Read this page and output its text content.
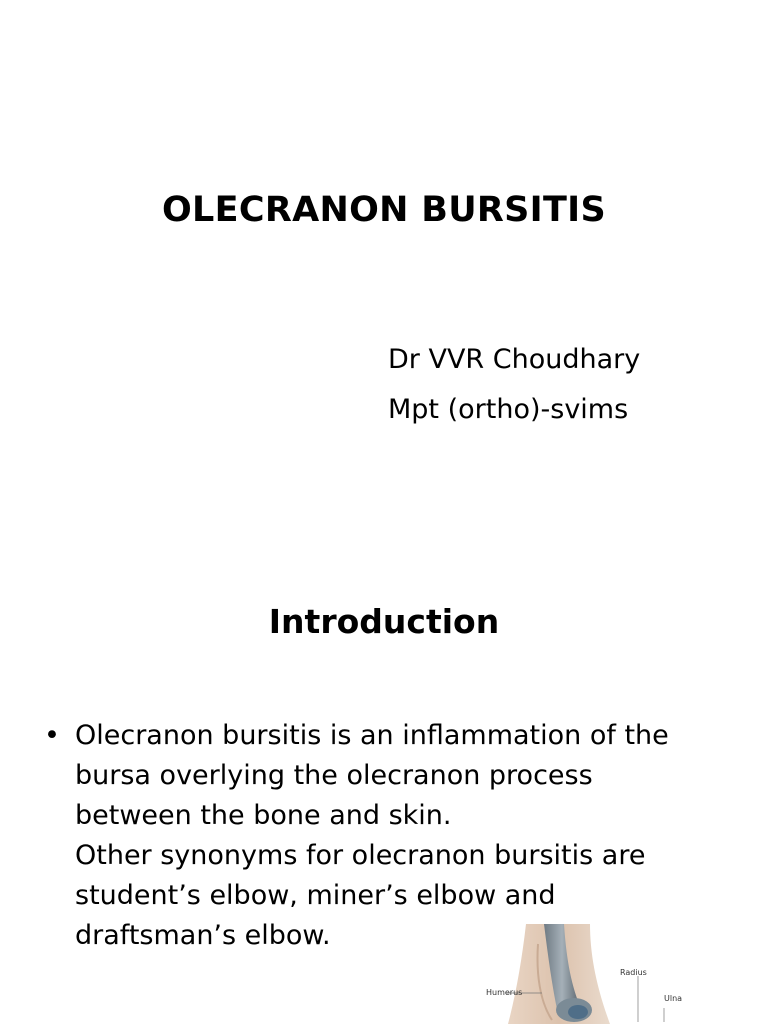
OLECRANON BURSITIS
Dr VVR Choudhary
Mpt (ortho)-svims
Introduction
• Olecranon bursitis is an inflammation of the
bursa overlying the olecranon process
between the bone and skin.
Other synonyms for olecranon bursitis are
student’s elbow, miner’s elbow and
draftsman’s elbow.
Radius
Humerus
Ulna
